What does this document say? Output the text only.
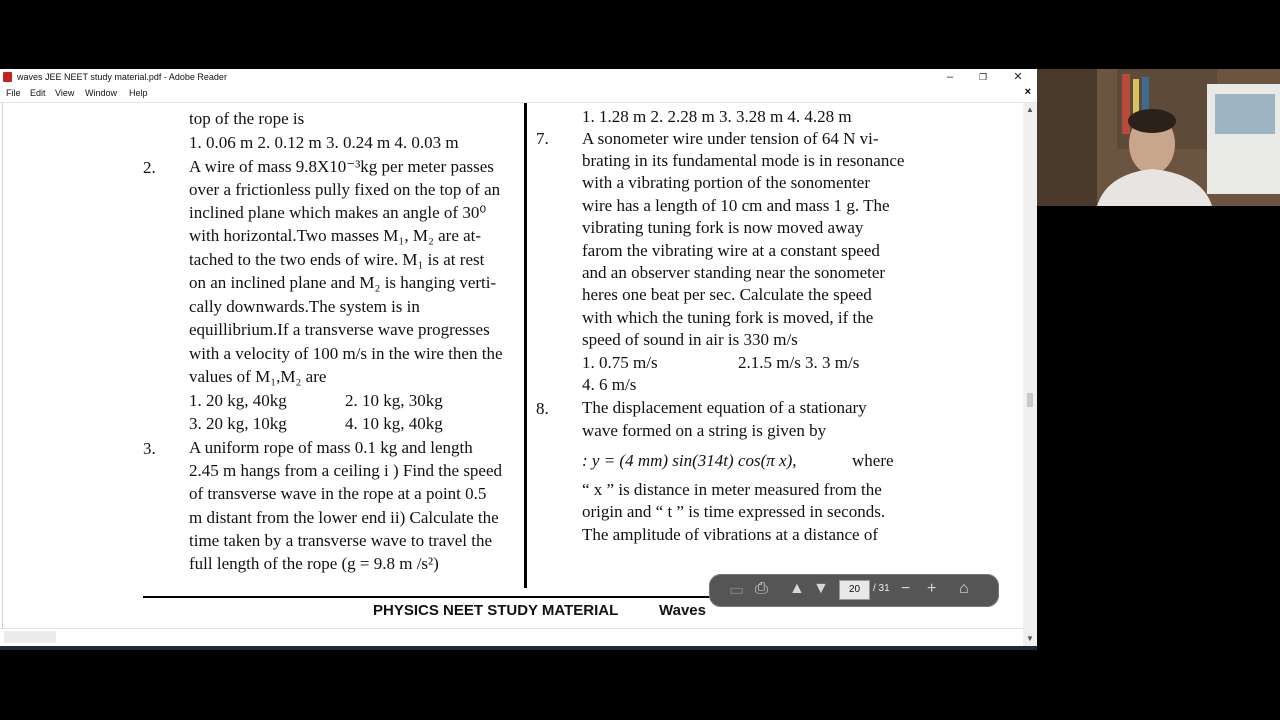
waves JEE NEET study material.pdf - Adobe Reader	–	❐	✕
File Edit View Window Help	×
top of the rope is
1. 0.06 m 2. 0.12 m 3. 0.24 m 4. 0.03 m
2. A wire of mass 9.8X10⁻³kg per meter passes
over a frictionless pully fixed on the top of an
inclined plane which makes an angle of 30⁰
with horizontal.Two masses M₁, M₂ are at-
tached to the two ends of wire. M₁ is at rest
on an inclined plane and M₂ is hanging verti-
cally downwards.The system is in
equillibrium.If a transverse wave progresses
with a velocity of 100 m/s in the wire then the
values of M₁,M₂ are
1. 20 kg, 40kg	2. 10 kg, 30kg
3. 20 kg, 10kg	4. 10 kg, 40kg
3. A uniform rope of mass 0.1 kg and length
2.45 m hangs from a ceiling i ) Find the speed
of transverse wave in the rope at a point 0.5
m distant from the lower end ii) Calculate the
time taken by a transverse wave to travel the
full length of the rope (g = 9.8 m /s²)
1. 1.28 m 2. 2.28 m 3. 3.28 m 4. 4.28 m
7. A sonometer wire under tension of 64 N vi-
brating in its fundamental mode is in resonance
with a vibrating portion of the sonomenter
wire has a length of 10 cm and mass 1 g. The
vibrating tuning fork is now moved away
farom the vibrating wire at a constant speed
and an observer standing near the sonometer
heres one beat per sec. Calculate the speed
with which the tuning fork is moved, if the
speed of sound in air is 330 m/s
1. 0.75 m/s	2.1.5 m/s 3. 3 m/s
4. 6 m/s
8. The displacement equation of a stationary
wave formed on a string is given by
: y = (4 mm) sin(314t) cos(π x),	where
“ x ” is distance in meter measured from the
origin and “ t ” is time expressed in seconds.
The amplitude of vibrations at a distance of
PHYSICS NEET STUDY MATERIAL	Waves
▲
▼
▭ ⎙ ▲ ▼	20	/ 31 − + ⌂
